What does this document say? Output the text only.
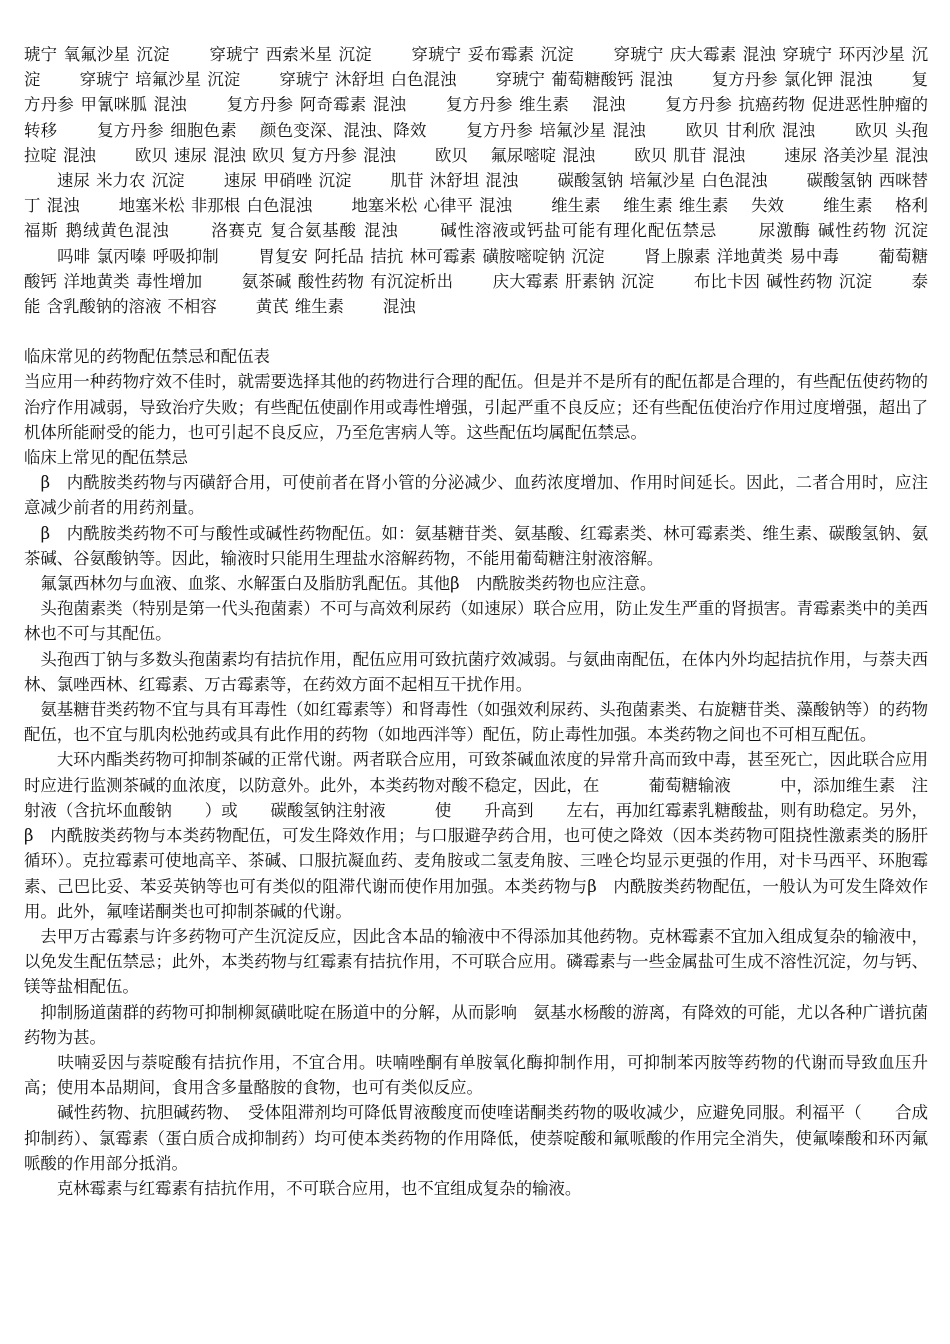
琥宁 氧氟沙星 沉淀 　　穿琥宁 西索米星 沉淀 　　穿琥宁 妥布霉素 沉淀 　　穿琥宁 庆大霉素 混浊 穿琥宁 环丙沙星 沉淀 　　穿琥宁 培氟沙星 沉淀 　　穿琥宁 沐舒坦 白色混浊 　　穿琥宁 葡萄糖酸钙 混浊 　　复方丹参 氯化钾 混浊 　　复方丹参 甲氰咪胍 混浊 　　复方丹参 阿奇霉素 混浊 　　复方丹参 维生素 　混浊 　　复方丹参 抗癌药物 促进恶性肿瘤的转移 　　复方丹参 细胞色素 　颜色变深、混浊、降效 　　复方丹参 培氟沙星 混浊 　　欧贝 甘利欣 混浊 　　欧贝 头孢拉啶 混浊 　　欧贝 速尿 混浊 欧贝 复方丹参 混浊 　　欧贝 　氟尿嘧啶 混浊 　　欧贝 肌苷 混浊 　　速尿 洛美沙星 混浊 　　速尿 米力农 沉淀 　　速尿 甲硝唑 沉淀 　　肌苷 沐舒坦 混浊 　　碳酸氢钠 培氟沙星 白色混浊 　　碳酸氢钠 西咪替丁 混浊 　　地塞米松 非那根 白色混浊 　　地塞米松 心律平 混浊 　　维生素 　维生素 维生素 　失效 　　维生素 　格利福斯 鹅绒黄色混浊 　　洛赛克 复合氨基酸 混浊 　　碱性溶液或钙盐可能有理化配伍禁忌 　　尿激酶 碱性药物 沉淀 　　吗啡 氯丙嗪 呼吸抑制 　　胃复安 阿托品 拮抗 林可霉素 磺胺嘧啶钠 沉淀 　　肾上腺素 洋地黄类 易中毒 　　葡萄糖酸钙 洋地黄类 毒性增加 　　氨茶碱 酸性药物 有沉淀析出 　　庆大霉素 肝素钠 沉淀 　　布比卡因 碱性药物 沉淀 　　泰能 含乳酸钠的溶液 不相容 　　黄芪 维生素 　　混浊

临床常见的药物配伍禁忌和配伍表

当应用一种药物疗效不佳时，就需要选择其他的药物进行合理的配伍。但是并不是所有的配伍都是合理的，有些配伍使药物的治疗作用减弱，导致治疗失败；有些配伍使副作用或毒性增强，引起严重不良反应；还有些配伍使治疗作用过度增强，超出了机体所能耐受的能力，也可引起不良反应，乃至危害病人等。这些配伍均属配伍禁忌。

临床上常见的配伍禁忌

　β　内酰胺类药物与丙磺舒合用，可使前者在肾小管的分泌减少、血药浓度增加、作用时间延长。因此，二者合用时，应注意减少前者的用药剂量。

　β　内酰胺类药物不可与酸性或碱性药物配伍。如：氨基糖苷类、氨基酸、红霉素类、林可霉素类、维生素、碳酸氢钠、氨茶碱、谷氨酸钠等。因此，输液时只能用生理盐水溶解药物，不能用葡萄糖注射液溶解。

　氟氯西林勿与血液、血浆、水解蛋白及脂肪乳配伍。其他β　内酰胺类药物也应注意。

　头孢菌素类（特别是第一代头孢菌素）不可与高效利尿药（如速尿）联合应用，防止发生严重的肾损害。青霉素类中的美西林也不可与其配伍。

　头孢西丁钠与多数头孢菌素均有拮抗作用，配伍应用可致抗菌疗效减弱。与氨曲南配伍，在体内外均起拮抗作用，与萘夫西林、氯唑西林、红霉素、万古霉素等，在药效方面不起相互干扰作用。

　氨基糖苷类药物不宜与具有耳毒性（如红霉素等）和肾毒性（如强效利尿药、头孢菌素类、右旋糖苷类、藻酸钠等）的药物配伍，也不宜与肌肉松弛药或具有此作用的药物（如地西泮等）配伍，防止毒性加强。本类药物之间也不可相互配伍。

　　大环内酯类药物可抑制茶碱的正常代谢。两者联合应用，可致茶碱血浓度的异常升高而致中毒，甚至死亡，因此联合应用时应进行监测茶碱的血浓度，以防意外。此外，本类药物对酸不稳定，因此，在　　　葡萄糖输液　　　中，添加维生素　注射液（含抗坏血酸钠　　）或　　碳酸氢钠注射液　　　使　　升高到　　左右，再加红霉素乳糖酸盐，则有助稳定。另外，β　内酰胺类药物与本类药物配伍，可发生降效作用；与口服避孕药合用，也可使之降效（因本类药物可阻挠性激素类的肠肝循环）。克拉霉素可使地高辛、茶碱、口服抗凝血药、麦角胺或二氢麦角胺、三唑仑均显示更强的作用，对卡马西平、环胞霉素、己巴比妥、苯妥英钠等也可有类似的阻滞代谢而使作用加强。本类药物与β　内酰胺类药物配伍，一般认为可发生降效作用。此外，氟喹诺酮类也可抑制茶碱的代谢。

　去甲万古霉素与许多药物可产生沉淀反应，因此含本品的输液中不得添加其他药物。克林霉素不宜加入组成复杂的输液中，以免发生配伍禁忌；此外，本类药物与红霉素有拮抗作用，不可联合应用。磷霉素与一些金属盐可生成不溶性沉淀，勿与钙、镁等盐相配伍。

　抑制肠道菌群的药物可抑制柳氮磺吡啶在肠道中的分解，从而影响　氨基水杨酸的游离，有降效的可能，尤以各种广谱抗菌药物为甚。

　　呋喃妥因与萘啶酸有拮抗作用，不宜合用。呋喃唑酮有单胺氧化酶抑制作用，可抑制苯丙胺等药物的代谢而导致血压升高；使用本品期间，食用含多量酪胺的食物，也可有类似反应。

　　碱性药物、抗胆碱药物、　受体阻滞剂均可降低胃液酸度而使喹诺酮类药物的吸收减少，应避免同服。利福平（　　合成抑制药）、氯霉素（蛋白质合成抑制药）均可使本类药物的作用降低，使萘啶酸和氟哌酸的作用完全消失，使氟嗪酸和环丙氟哌酸的作用部分抵消。

　　克林霉素与红霉素有拮抗作用，不可联合应用，也不宜组成复杂的输液。
